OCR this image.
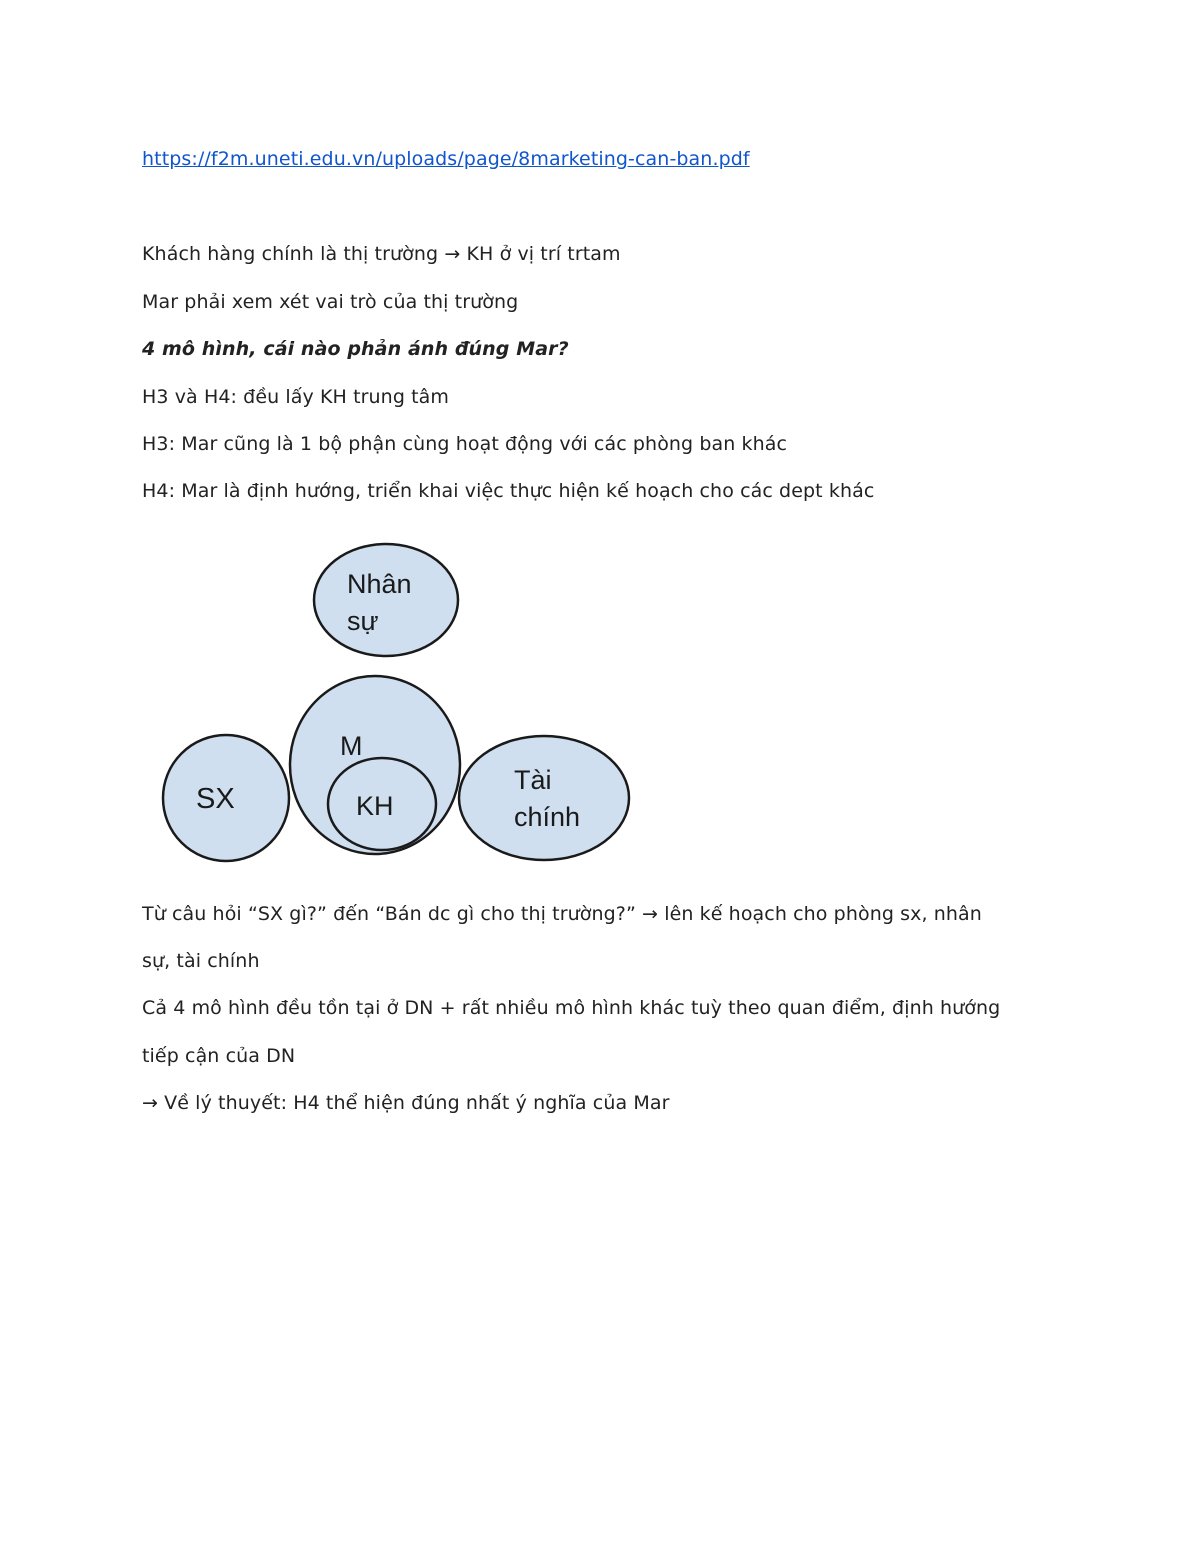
https://f2m.uneti.edu.vn/uploads/page/8marketing-can-ban.pdf
Khách hàng chính là thị trường → KH ở vị trí trtam
Mar phải xem xét vai trò của thị trường
4 mô hình, cái nào phản ánh đúng Mar?
H3 và H4: đều lấy KH trung tâm
H3: Mar cũng là 1 bộ phận cùng hoạt động với các phòng ban khác
H4: Mar là định hướng, triển khai việc thực hiện kế hoạch cho các dept khác
Nhân
sự
SX
M
KH
Tài
chính
Từ câu hỏi “SX gì?” đến “Bán dc gì cho thị trường?” → lên kế hoạch cho phòng sx, nhân
sự, tài chính
Cả 4 mô hình đều tồn tại ở DN + rất nhiều mô hình khác tuỳ theo quan điểm, định hướng
tiếp cận của DN
→ Về lý thuyết: H4 thể hiện đúng nhất ý nghĩa của Mar
